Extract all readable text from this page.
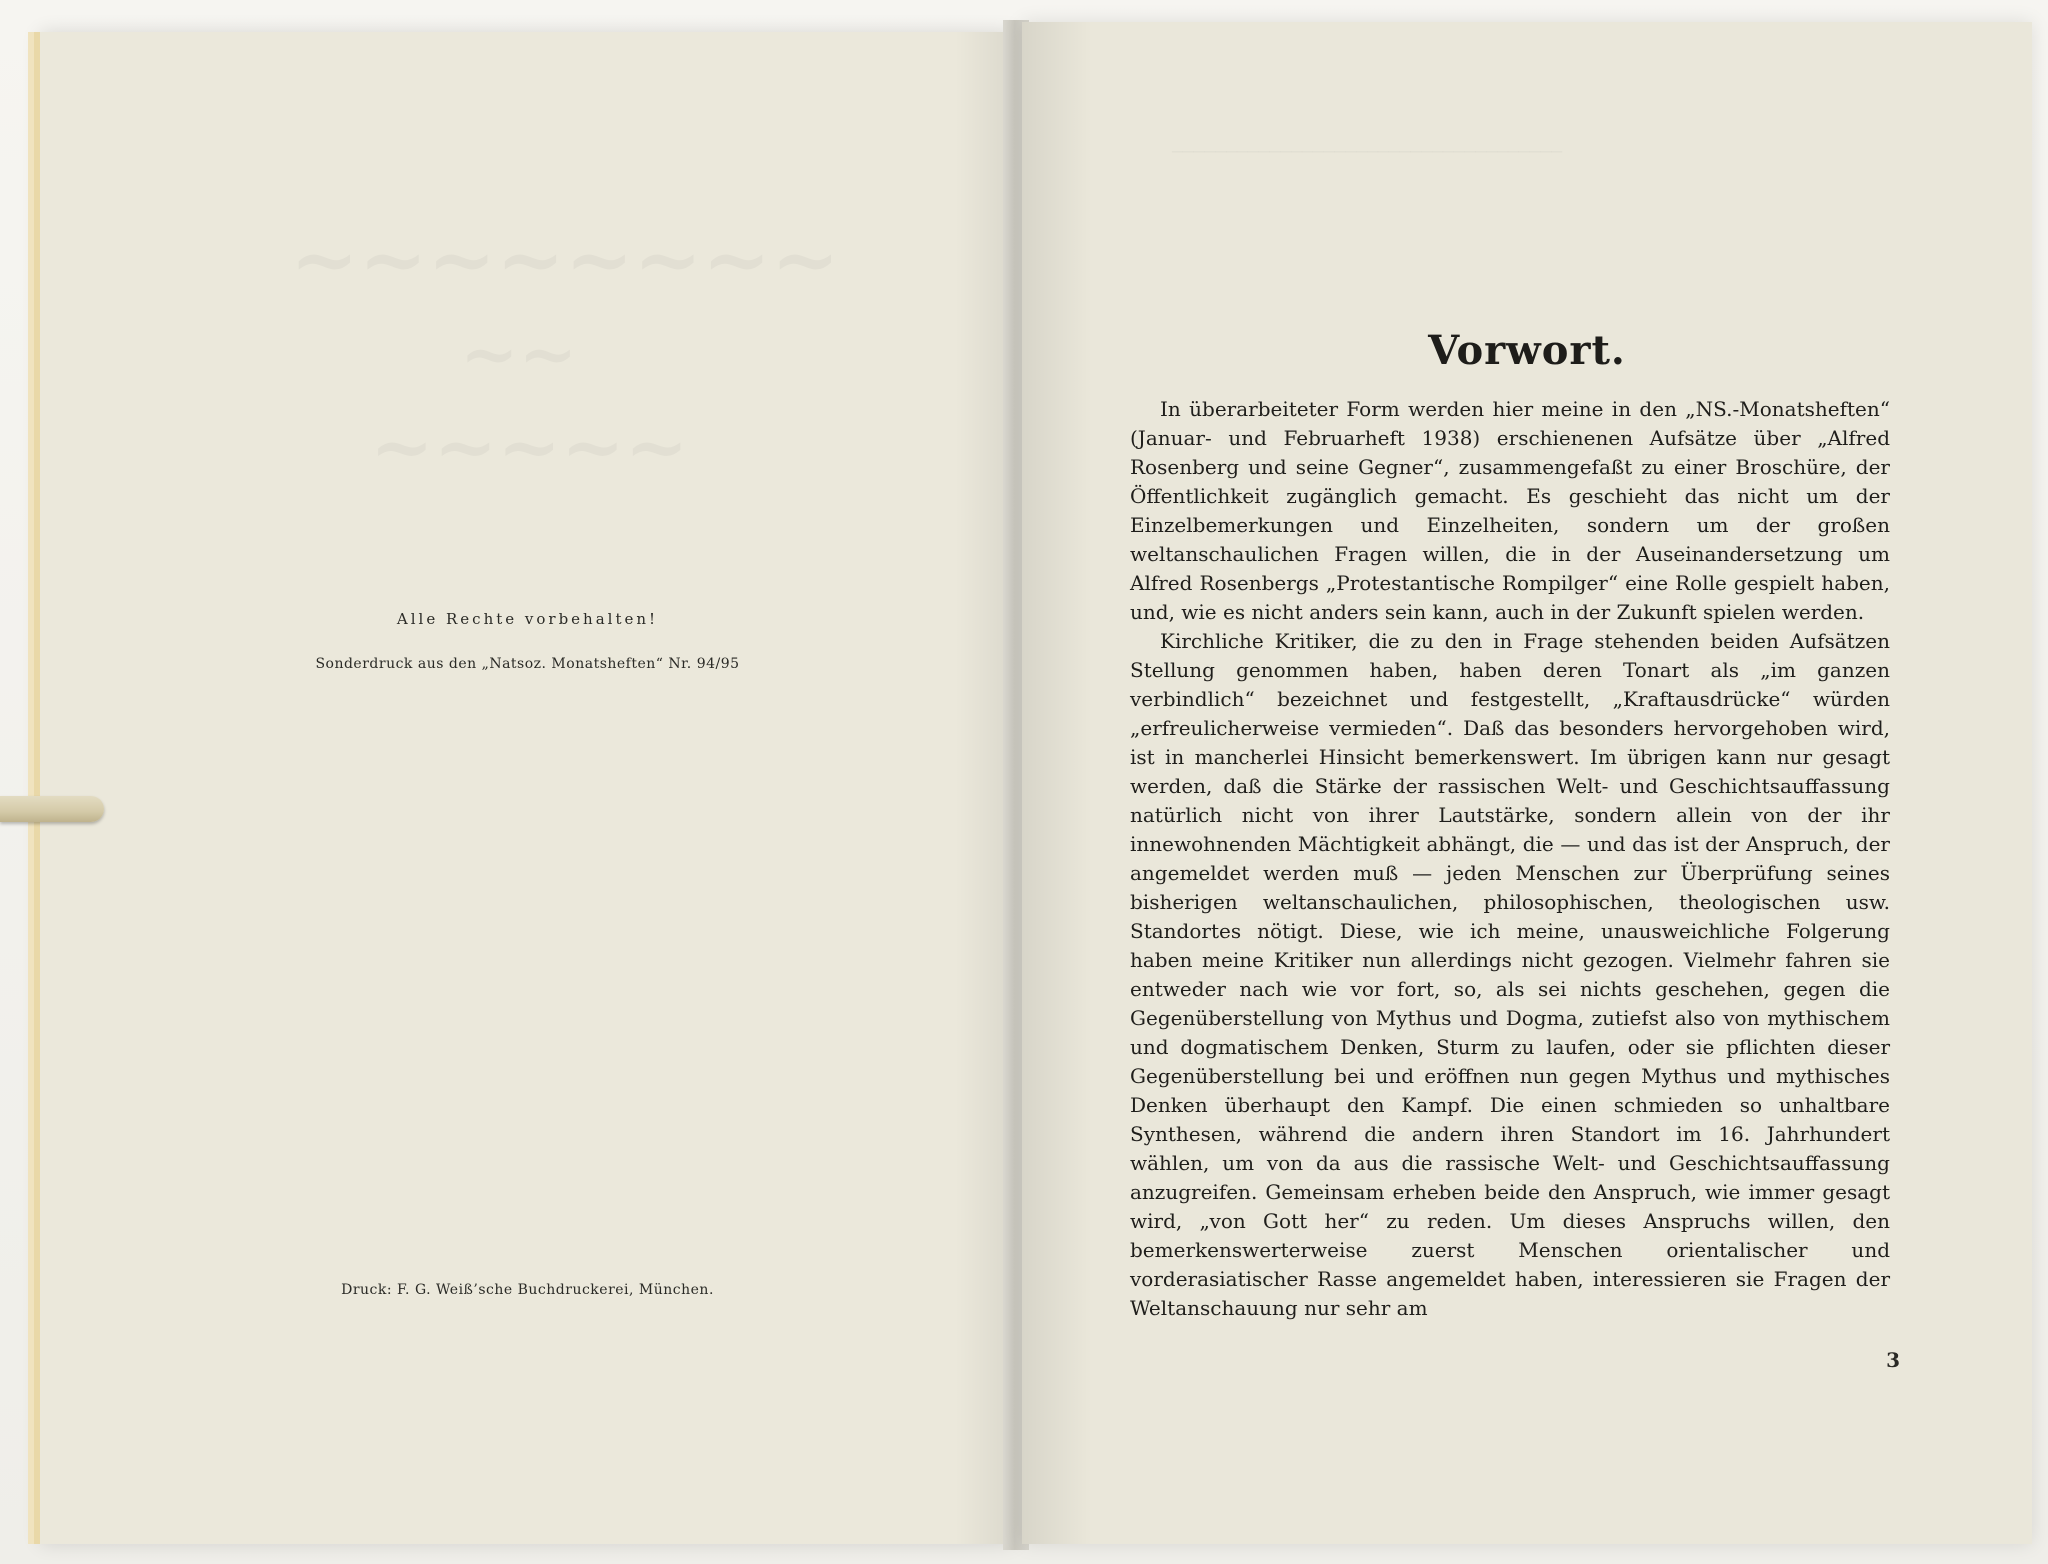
Alle Rechte vorbehalten!
Sonderdruck aus den „Natsoz. Monatsheften“ Nr. 94/95
Druck: F. G. Weiß’sche Buchdruckerei, München.
Vorwort.

In überarbeiteter Form werden hier meine in den „NS.-Monatsheften“ (Januar- und Februarheft 1938) erschienenen Aufsätze über „Alfred Rosenberg und seine Gegner“, zusammengefaßt zu einer Broschüre, der Öffentlichkeit zugänglich gemacht. Es geschieht das nicht um der Einzelbemerkungen und Einzelheiten, sondern um der großen weltanschaulichen Fragen willen, die in der Auseinandersetzung um Alfred Rosenbergs „Protestantische Rompilger“ eine Rolle gespielt haben, und, wie es nicht anders sein kann, auch in der Zukunft spielen werden.

Kirchliche Kritiker, die zu den in Frage stehenden beiden Aufsätzen Stellung genommen haben, haben deren Tonart als „im ganzen verbindlich“ bezeichnet und festgestellt, „Kraftausdrücke“ würden „erfreulicherweise vermieden“. Daß das besonders hervorgehoben wird, ist in mancherlei Hinsicht bemerkenswert. Im übrigen kann nur gesagt werden, daß die Stärke der rassischen Welt- und Geschichtsauffassung natürlich nicht von ihrer Lautstärke, sondern allein von der ihr innewohnenden Mächtigkeit abhängt, die — und das ist der Anspruch, der angemeldet werden muß — jeden Menschen zur Überprüfung seines bisherigen weltanschaulichen, philosophischen, theologischen usw. Standortes nötigt. Diese, wie ich meine, unausweichliche Folgerung haben meine Kritiker nun allerdings nicht gezogen. Vielmehr fahren sie entweder nach wie vor fort, so, als sei nichts geschehen, gegen die Gegenüberstellung von Mythus und Dogma, zutiefst also von mythischem und dogmatischem Denken, Sturm zu laufen, oder sie pflichten dieser Gegenüberstellung bei und eröffnen nun gegen Mythus und mythisches Denken überhaupt den Kampf. Die einen schmieden so unhaltbare Synthesen, während die andern ihren Standort im 16. Jahrhundert wählen, um von da aus die rassische Welt- und Geschichtsauffassung anzugreifen. Gemeinsam erheben beide den Anspruch, wie immer gesagt wird, „von Gott her“ zu reden. Um dieses Anspruchs willen, den bemerkenswerterweise zuerst Menschen orientalischer und vorderasiatischer Rasse angemeldet haben, interessieren sie Fragen der Weltanschauung nur sehr am

3
